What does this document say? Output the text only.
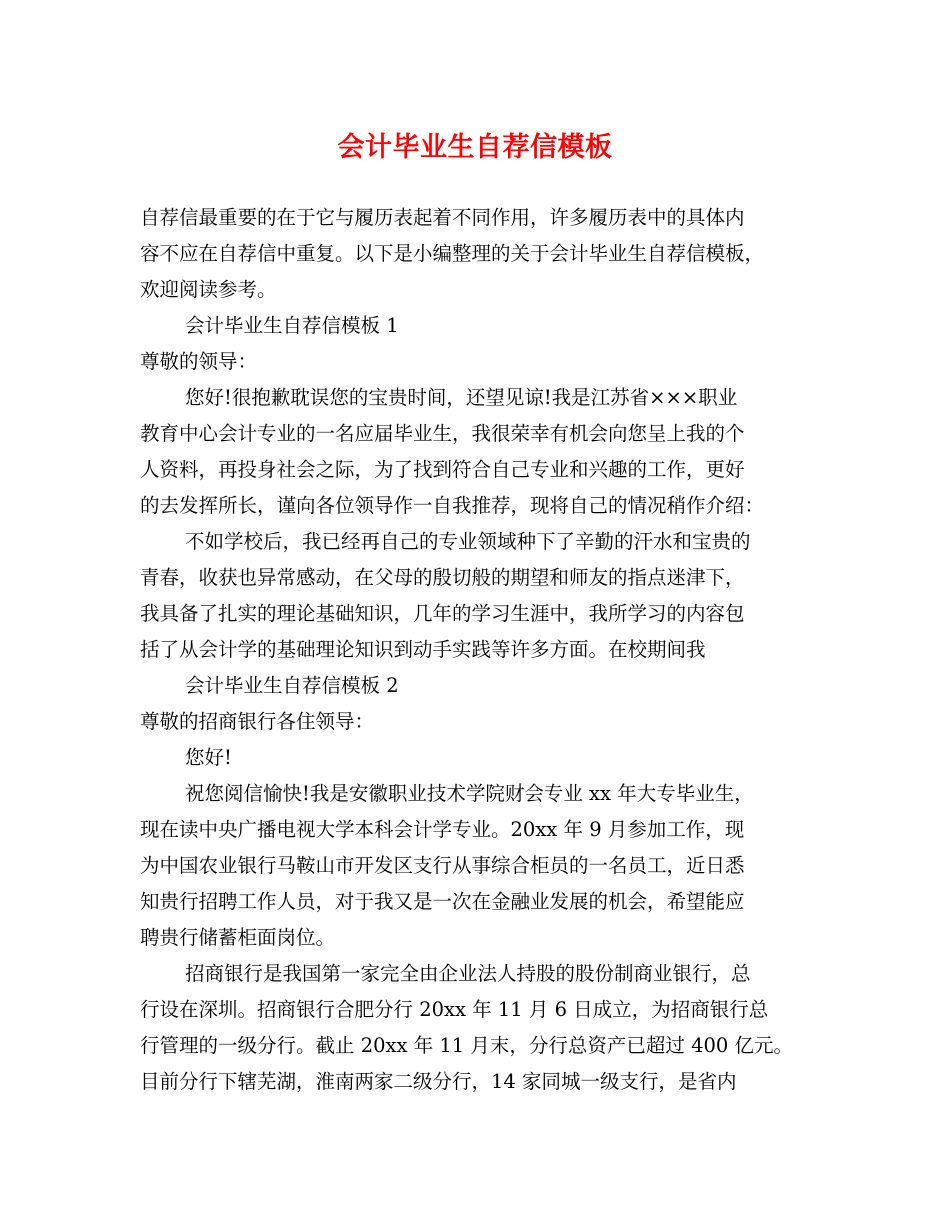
会计毕业生自荐信模板
自荐信最重要的在于它与履历表起着不同作用，许多履历表中的具体内
容不应在自荐信中重复。以下是小编整理的关于会计毕业生自荐信模板，
欢迎阅读参考。
会计毕业生自荐信模板 1
尊敬的领导：
您好!很抱歉耽误您的宝贵时间，还望见谅!我是江苏省×××职业
教育中心会计专业的一名应届毕业生，我很荣幸有机会向您呈上我的个
人资料，再投身社会之际，为了找到符合自己专业和兴趣的工作，更好
的去发挥所长，谨向各位领导作一自我推荐，现将自己的情况稍作介绍：
不如学校后，我已经再自己的专业领域种下了辛勤的汗水和宝贵的
青春，收获也异常感动，在父母的殷切般的期望和师友的指点迷津下，
我具备了扎实的理论基础知识，几年的学习生涯中，我所学习的内容包
括了从会计学的基础理论知识到动手实践等许多方面。在校期间我
会计毕业生自荐信模板 2
尊敬的招商银行各住领导：
您好!
祝您阅信愉快!我是安徽职业技术学院财会专业 xx 年大专毕业生，
现在读中央广播电视大学本科会计学专业。20xx 年 9 月参加工作，现
为中国农业银行马鞍山市开发区支行从事综合柜员的一名员工，近日悉
知贵行招聘工作人员，对于我又是一次在金融业发展的机会，希望能应
聘贵行储蓄柜面岗位。
招商银行是我国第一家完全由企业法人持股的股份制商业银行，总
行设在深圳。招商银行合肥分行 20xx 年 11 月 6 日成立，为招商银行总
行管理的一级分行。截止 20xx 年 11 月末，分行总资产已超过 400 亿元。
目前分行下辖芜湖，淮南两家二级分行，14 家同城一级支行，是省内
